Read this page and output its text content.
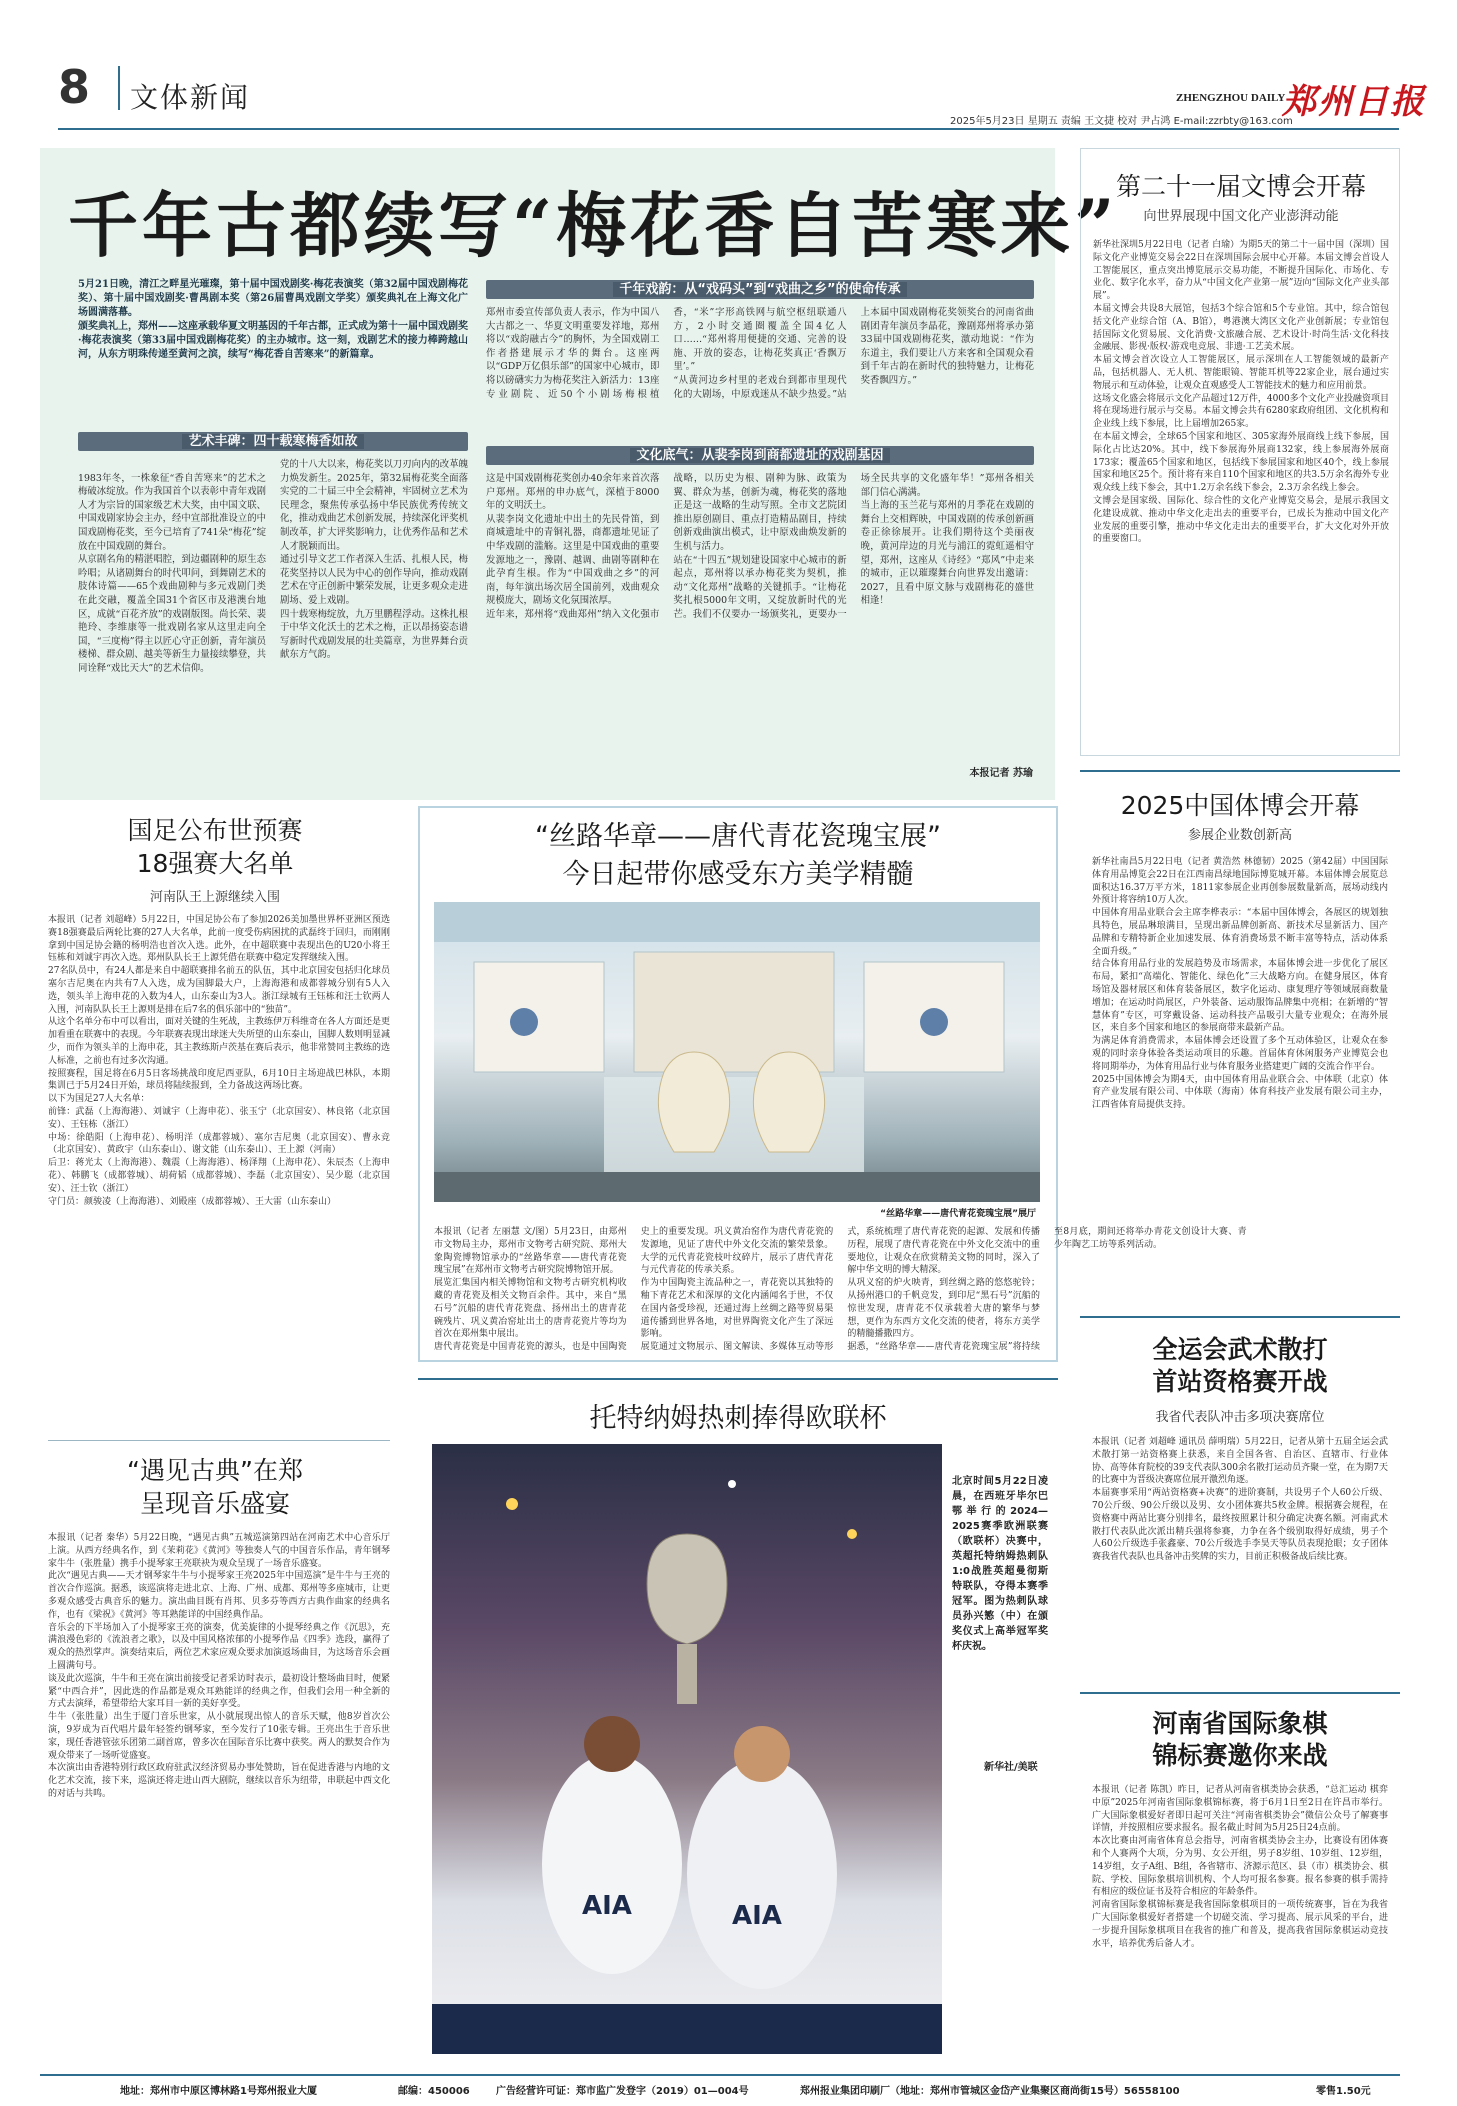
8 文体新闻	ZHENGZHOU DAILY
郑州日报
2025年5月23日 星期五 责编 王文捷 校对 尹占鸿 E-mail:zzrbty@163.com
千年古都续写“梅花香自苦寒来”
5月21日晚，清江之畔星光璀璨，第十届中国戏剧奖·梅花表演奖（第32届中国戏剧梅花奖）、第十届中国戏剧奖·曹禺剧本奖（第26届曹禺戏剧文学奖）颁奖典礼在上海文化广场圆满落幕。
颁奖典礼上，郑州——这座承载华夏文明基因的千年古都，正式成为第十一届中国戏剧奖·梅花表演奖（第33届中国戏剧梅花奖）的主办城市。这一刻，戏剧艺术的接力棒跨越山河，从东方明珠传递至黄河之滨，续写“梅花香自苦寒来”的新篇章。
艺术丰碑：四十载寒梅香如故

1983年冬，一株象征“香自苦寒来”的艺术之梅破冰绽放。作为我国首个以表彰中青年戏剧人才为宗旨的国家级艺术大奖，由中国文联、中国戏剧家协会主办，经中宣部批准设立的中国戏剧梅花奖，至今已培育了741朵“梅花”绽放在中国戏剧的舞台。
从京剧名角的精湛唱腔，到边疆剧种的原生态吟唱；从诸剧舞台的时代叩问，到舞剧艺术的肢体诗篇——65个戏曲剧种与多元戏剧门类在此交融，覆盖全国31个省区市及港澳台地区，成就“百花齐放”的戏剧版图。尚长荣、裴艳玲、李维康等一批戏剧名家从这里走向全国，“三度梅”得主以匠心守正创新，青年演员楼梯、群众剧、越美等新生力量接续攀登，共同诠释“戏比天大”的艺术信仰。

党的十八大以来，梅花奖以刀刃向内的改革魄力焕发新生。2025年，第32届梅花奖全面落实党的二十届三中全会精神，牢固树立艺术为民理念，聚焦传承弘扬中华民族优秀传统文化，推动戏曲艺术创新发展，持续深化评奖机制改革，扩大评奖影响力，让优秀作品和艺术人才脱颖而出。
通过引导文艺工作者深入生活、扎根人民，梅花奖坚持以人民为中心的创作导向，推动戏剧艺术在守正创新中繁荣发展，让更多观众走进剧场、爱上戏剧。
四十载寒梅绽放，九万里鹏程浮动。这株扎根于中华文化沃土的艺术之梅，正以昂扬姿态谱写新时代戏剧发展的壮美篇章，为世界舞台贡献东方气韵。

千年戏韵：从“戏码头”到“戏曲之乡”的使命传承
郑州市委宣传部负责人表示，作为中国八大古都之一、华夏文明重要发祥地，郑州将以“戏韵融古今”的胸怀，为全国戏剧工作者搭建展示才华的舞台。这座两以“GDP万亿俱乐部”的国家中心城市，即将以磅礴实力为梅花奖注入新活力：13座专业剧院、近50个小剧场梅根植香，“米”字形高铁网与航空枢纽联通八方，2小时交通圈覆盖全国4亿人口……“郑州将用便捷的交通、完善的设施、开放的姿态，让梅花奖真正‘香飘万里’。”
“从黄河边乡村里的老戏台到都市里现代化的大剧场，中原戏迷从不缺少热爱。”站上本届中国戏剧梅花奖领奖台的河南省曲剧团青年演员李晶花，豫剧郑州将承办第33届中国戏剧梅花奖，激动地说：“作为东道主，我们要让八方来客和全国观众看到千年古韵在新时代的独特魅力，让梅花奖香飘四方。”
文化底气：从裴李岗到商都遗址的戏剧基因
这是中国戏剧梅花奖创办40余年来首次落户郑州。郑州的申办底气，深植于8000年的文明沃土。
从裴李岗文化遗址中出土的先民骨笛，到商城遗址中的青铜礼器，商都遗址见证了中华戏剧的滥觞。这里是中国戏曲的重要发源地之一，豫剧、越调、曲剧等剧种在此孕育生根。作为“中国戏曲之乡”的河南，每年演出场次居全国前列，戏曲观众规模庞大，剧场文化氛围浓厚。
近年来，郑州将“戏曲郑州”纳入文化强市战略，以历史为根、剧种为脉、政策为翼、群众为基，创新为魂，梅花奖的落地正是这一战略的生动写照。全市文艺院团推出原创剧目、重点打造精品剧目，持续创新戏曲演出模式，让中原戏曲焕发新的生机与活力。
站在“十四五”规划建设国家中心城市的新起点，郑州将以承办梅花奖为契机，推动“文化郑州”战略的关键抓手。“让梅花奖扎根5000年文明，又绽放新时代的光芒。我们不仅要办一场颁奖礼，更要办一场全民共享的文化盛年华！”郑州各相关部门信心满满。
当上海的玉兰花与郑州的月季花在戏剧的舞台上交相辉映，中国戏剧的传承创新画卷正徐徐展开。让我们期待这个美丽夜晚，黄河岸边的月光与浦江的霓虹遥相守望，郑州，这座从《诗经》“郑风”中走来的城市，正以璀璨舞台向世界发出邀请：2027，且看中原文脉与戏剧梅花的盛世相逢！
本报记者 苏瑜
第二十一届文博会开幕
向世界展现中国文化产业澎湃动能
新华社深圳5月22日电（记者 白瑜）为期5天的第二十一届中国（深圳）国际文化产业博览交易会22日在深圳国际会展中心开幕。本届文博会首设人工智能展区，重点突出博览展示交易功能，不断提升国际化、市场化、专业化、数字化水平，奋力从“中国文化产业第一展”迈向“国际文化产业头部展”。
本届文博会共设8大展馆，包括3个综合馆和5个专业馆。其中，综合馆包括文化产业综合馆（A、B馆），粤港澳大湾区文化产业创新展；专业馆包括国际文化贸易展、文化消费·文旅融合展、艺术设计·时尚生活·文化科技金融展、影视·版权·游戏电竞展、非遗·工艺美术展。
本届文博会首次设立人工智能展区，展示深圳在人工智能领域的最新产品，包括机器人、无人机、智能眼镜、智能耳机等22家企业，展台通过实物展示和互动体验，让观众直观感受人工智能技术的魅力和应用前景。
这场文化盛会将展示文化产品超过12万件，4000多个文化产业投融资项目将在现场进行展示与交易。本届文博会共有6280家政府组团、文化机构和企业线上线下参展，比上届增加265家。
在本届文博会，全球65个国家和地区、305家海外展商线上线下参展，国际化占比达20%。其中，线下参展海外展商132家，线上参展海外展商173家；覆盖65个国家和地区，包括线下参展国家和地区40个，线上参展国家和地区25个。预计将有来自110个国家和地区的共3.5万余名海外专业观众线上线下参会，其中1.2万余名线下参会，2.3万余名线上参会。
文博会是国家级、国际化、综合性的文化产业博览交易会，是展示我国文化建设成就、推动中华文化走出去的重要平台，已成长为推动中国文化产业发展的重要引擎，推动中华文化走出去的重要平台，扩大文化对外开放的重要窗口。
2025中国体博会开幕
参展企业数创新高
新华社南昌5月22日电（记者 黄浩然 林德韧）2025（第42届）中国国际体育用品博览会22日在江西南昌绿地国际博览城开幕。本届体博会展览总面积达16.37万平方米，1811家参展企业再创参展数量新高，展场动线内外预计将容纳10万人次。
中国体育用品业联合会主席李桦表示：“本届中国体博会，各展区的规划独具特色，展品琳琅满目，呈现出新品牌创新高、新技术尽显新活力、国产品牌和专精特新企业加速发展、体育消费场景不断丰富等特点，活动体系全面升级。”
结合体育用品行业的发展趋势及市场需求，本届体博会进一步优化了展区布局，紧扣“高端化、智能化、绿色化”三大战略方向。在健身展区，体育场馆及器材展区和体育装备展区，数字化运动、康复理疗等领域展商数量增加；在运动时尚展区，户外装备、运动服饰品牌集中亮相；在新增的“智慧体育”专区，可穿戴设备、运动科技产品吸引大量专业观众；在海外展区，来自多个国家和地区的参展商带来最新产品。
为满足体育消费需求，本届体博会还设置了多个互动体验区，让观众在参观的同时亲身体验各类运动项目的乐趣。首届体育休闲服务产业博览会也将同期举办，为体育用品行业与体育服务业搭建更广阔的交流合作平台。
2025中国体博会为期4天，由中国体育用品业联合会、中体联（北京）体育产业发展有限公司、中体联（海南）体育科技产业发展有限公司主办，江西省体育局提供支持。
全运会武术散打
首站资格赛开战
我省代表队冲击多项决赛席位
本报讯（记者 刘超峰 通讯员 薛明瑞）5月22日，记者从第十五届全运会武术散打第一站资格赛上获悉，来自全国各省、自治区、直辖市、行业体协、高等体育院校的39支代表队300余名散打运动员齐聚一堂，在为期7天的比赛中为晋级决赛席位展开激烈角逐。
本届赛事采用“两站资格赛+决赛”的进阶赛制，共设男子个人60公斤级、70公斤级、90公斤级以及男、女小团体赛共5枚金牌。根据赛会规程，在资格赛中两站比赛分别排名，最终按照累计积分确定决赛名额。河南武术散打代表队此次派出精兵强将参赛，力争在各个级别取得好成绩，男子个人60公斤级选手张鑫豪、70公斤级选手李昊天等队员表现抢眼；女子团体赛我省代表队也具备冲击奖牌的实力，目前正积极备战后续比赛。
河南省国际象棋
锦标赛邀你来战
本报讯（记者 陈凯）昨日，记者从河南省棋类协会获悉，“总汇运动 棋弈中原”2025年河南省国际象棋锦标赛，将于6月1日至2日在许昌市举行。广大国际象棋爱好者即日起可关注“河南省棋类协会”微信公众号了解赛事详情，并按照相应要求报名。报名截止时间为5月25日24点前。
本次比赛由河南省体育总会指导，河南省棋类协会主办，比赛设有团体赛和个人赛两个大项，分为男、女公开组，男子8岁组、10岁组、12岁组，14岁组，女子A组、B组，各省辖市、济源示范区、县（市）棋类协会、棋院、学校、国际象棋培训机构、个人均可报名参赛。报名参赛的棋手需持有相应的级位证书及符合相应的年龄条件。
河南省国际象棋锦标赛是我省国际象棋项目的一项传统赛事，旨在为我省广大国际象棋爱好者搭建一个切磋交流、学习提高、展示风采的平台，进一步提升国际象棋项目在我省的推广和普及，提高我省国际象棋运动竞技水平，培养优秀后备人才。
国足公布世预赛
18强赛大名单
河南队王上源继续入围
本报讯（记者 刘超峰）5月22日，中国足协公布了参加2026美加墨世界杯亚洲区预选赛18强赛最后两轮比赛的27人大名单，此前一度受伤病困扰的武磊终于回归，而刚刚拿到中国足协会籍的杨明浩也首次入选。此外，在中超联赛中表现出色的U20小将王钰栋和刘诚宇再次入选。郑州队队长王上源凭借在联赛中稳定发挥继续入围。
27名队员中，有24人都是来自中超联赛排名前五的队伍，其中北京国安包括归化球员塞尔吉尼奥在内共有7人入选，成为国脚最大户，上海海港和成都蓉城分别有5人入选，领头羊上海申花的入数为4人，山东泰山为3人。浙江绿城有王钰栋和汪士钦两人入围，河南队队长王上源则是排在后7名的俱乐部中的“独苗”。
从这个名单分布中可以看出，面对关键的生死战，主教练伊万科维奇在各人方面还是更加看重在联赛中的表现。今年联赛表现出球迷大失所望的山东泰山，国脚人数则明显减少，而作为领头羊的上海申花，其主教练斯卢茨基在赛后表示，他非常赞同主教练的选人标准，之前也有过多次沟通。
按照赛程，国足将在6月5日客场挑战印度尼西亚队，6月10日主场迎战巴林队，本期集训已于5月24日开始，球员将陆续报到，全力备战这两场比赛。
以下为国足27人大名单：
前锋：武磊（上海海港）、刘诚宇（上海申花）、张玉宁（北京国安）、林良铭（北京国安）、王钰栋（浙江）
中场：徐皓阳（上海申花）、杨明洋（成都蓉城）、塞尔吉尼奥（北京国安）、曹永竞（北京国安）、黄政宇（山东泰山）、谢文能（山东泰山）、王上源（河南）
后卫：蒋光太（上海海港）、魏震（上海海港）、杨泽翔（上海申花）、朱辰杰（上海申花）、韩鹏飞（成都蓉城）、胡荷韬（成都蓉城）、李磊（北京国安）、吴少聪（北京国安）、汪士钦（浙江）
守门员：颜骏凌（上海海港）、刘殿座（成都蓉城）、王大雷（山东泰山）
“遇见古典”在郑
呈现音乐盛宴
本报讯（记者 秦华）5月22日晚，“遇见古典”五城巡演第四站在河南艺术中心音乐厅上演。从西方经典名作，到《茉莉花》《黄河》等独奏人气的中国音乐作品，青年钢琴家牛牛（张胜量）携手小提琴家王亮联袂为观众呈现了一场音乐盛宴。
此次“遇见古典——天才钢琴家牛牛与小提琴家王亮2025年中国巡演”是牛牛与王亮的首次合作巡演。据悉，该巡演将走进北京、上海、广州、成都、郑州等多座城市，让更多观众感受古典音乐的魅力。演出曲目既有肖邦、贝多芬等西方古典作曲家的经典名作，也有《梁祝》《黄河》等耳熟能详的中国经典作品。
音乐会的下半场加入了小提琴家王亮的演奏，优美旋律的小提琴经典之作《沉思》，充满浪漫色彩的《流浪者之歌》，以及中国风格浓郁的小提琴作品《四季》选段，赢得了观众的热烈掌声。演奏结束后，两位艺术家应观众要求加演返场曲目，为这场音乐会画上圆满句号。
谈及此次巡演，牛牛和王亮在演出前接受记者采访时表示，最初设计整场曲目时，便紧紧“中西合并”，因此选的作品都是观众耳熟能详的经典之作，但我们会用一种全新的方式去演绎，希望带给大家耳目一新的美好享受。
牛牛（张胜量）出生于厦门音乐世家，从小就展现出惊人的音乐天赋，他8岁首次公演，9岁成为百代唱片最年轻签约钢琴家，至今发行了10张专辑。王亮出生于音乐世家，现任香港管弦乐团第二副首席，曾多次在国际音乐比赛中获奖。两人的默契合作为观众带来了一场听觉盛宴。
本次演出由香港特别行政区政府驻武汉经济贸易办事处赞助，旨在促进香港与内地的文化艺术交流，接下来，巡演还将走进山西大剧院，继续以音乐为纽带，串联起中西文化的对话与共鸣。
“丝路华章——唐代青花瓷瑰宝展”
今日起带你感受东方美学精髓
“丝路华章——唐代青花瓷瑰宝展”展厅
本报讯（记者 左丽慧 文/图）5月23日，由郑州市文物局主办，郑州市文物考古研究院、郑州大象陶瓷博物馆承办的“丝路华章——唐代青花瓷瑰宝展”在郑州市文物考古研究院博物馆开展。
展览汇集国内相关博物馆和文物考古研究机构收藏的青花瓷及相关文物百余件。其中，来自“黑石号”沉船的唐代青花瓷盘、扬州出土的唐青花碗残片、巩义黄冶窑址出土的唐青花瓷片等均为首次在郑州集中展出。
唐代青花瓷是中国青花瓷的源头，也是中国陶瓷史上的重要发现。巩义黄冶窑作为唐代青花瓷的发源地，见证了唐代中外文化交流的繁荣景象。大学的元代青花瓷枝叶纹碎片，展示了唐代青花与元代青花的传承关系。
作为中国陶瓷主流品种之一，青花瓷以其独特的釉下青花艺术和深厚的文化内涵闻名于世，不仅在国内备受珍视，还通过海上丝绸之路等贸易渠道传播到世界各地，对世界陶瓷文化产生了深远影响。
展览通过文物展示、图文解读、多媒体互动等形式，系统梳理了唐代青花瓷的起源、发展和传播历程，展现了唐代青花瓷在中外文化交流中的重要地位，让观众在欣赏精美文物的同时，深入了解中华文明的博大精深。
从巩义窑的炉火映青，到丝绸之路的悠悠驼铃；从扬州港口的千帆竞发，到印尼“黑石号”沉船的惊世发现，唐青花不仅承载着大唐的繁华与梦想，更作为东西方文化交流的使者，将东方美学的精髓播撒四方。
据悉，“丝路华章——唐代青花瓷瑰宝展”将持续至8月底，期间还将举办青花文创设计大赛、青少年陶艺工坊等系列活动。
托特纳姆热刺捧得欧联杯
AIA	AIA
北京时间5月22日凌晨，在西班牙毕尔巴鄂举行的2024—2025赛季欧洲联赛（欧联杯）决赛中，英超托特纳姆热刺队1:0战胜英超曼彻斯特联队，夺得本赛季冠军。图为热刺队球员孙兴慜（中）在颁奖仪式上高举冠军奖杯庆祝。
新华社/美联
地址：郑州市中原区博林路1号郑州报业大厦	邮编：450006	广告经营许可证：郑市监广发登字（2019）01—004号	郑州报业集团印刷厂（地址：郑州市管城区金岱产业集聚区商尚街15号）56558100	零售1.50元
